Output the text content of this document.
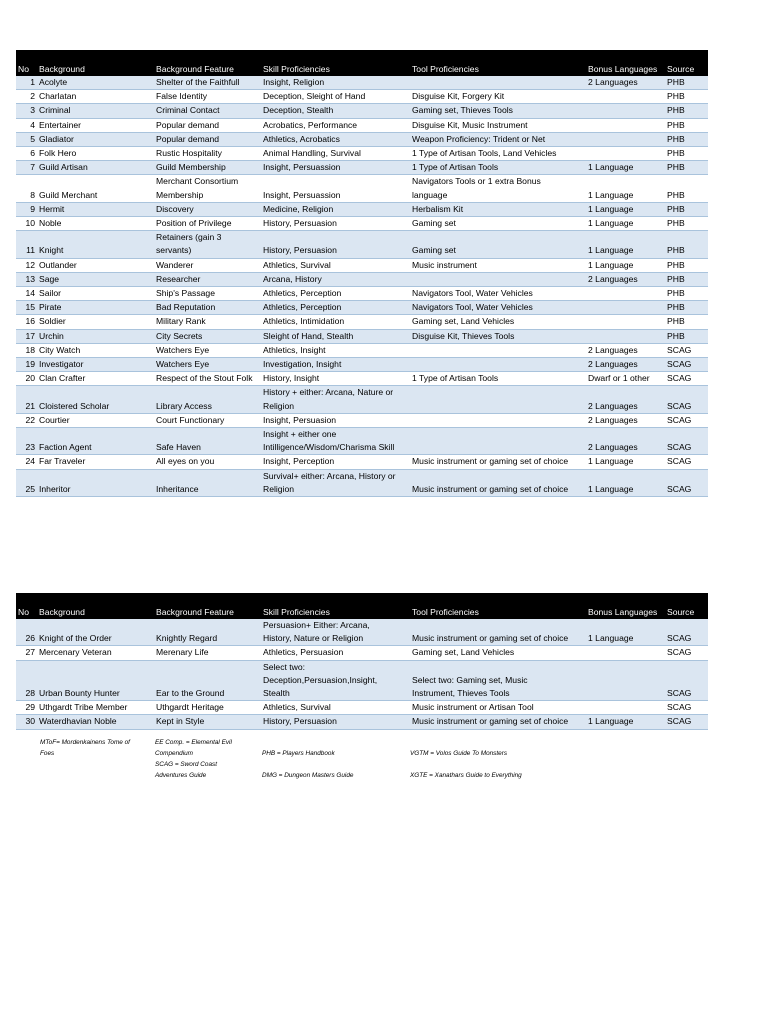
No	Background	Background Feature	Skill Proficiencies	Tool Proficiencies	Bonus Languages	Source
1	Acolyte	Shelter of the Faithfull	Insight, Religion		2 Languages	PHB
2	Charlatan	False Identity	Deception, Sleight of Hand	Disguise Kit, Forgery Kit		PHB
3	Criminal	Criminal Contact	Deception, Stealth	Gaming set, Thieves Tools		PHB
4	Entertainer	Popular demand	Acrobatics, Performance	Disguise Kit, Music Instrument		PHB
5	Gladiator	Popular demand	Athletics, Acrobatics	Weapon Proficiency: Trident or Net		PHB
6	Folk Hero	Rustic Hospitality	Animal Handling, Survival	1 Type of Artisan Tools, Land Vehicles		PHB
7	Guild Artisan	Guild Membership	Insight, Persuassion	1 Type of Artisan Tools	1 Language	PHB
8	Guild Merchant	Merchant Consortium
Membership	Insight, Persuassion	Navigators Tools or 1 extra Bonus
language	1 Language	PHB
9	Hermit	Discovery	Medicine, Religion	Herbalism Kit	1 Language	PHB
10	Noble	Position of Privilege	History, Persuasion	Gaming set	1 Language	PHB
11	Knight	Retainers (gain 3
servants)	History, Persuasion	Gaming set	1 Language	PHB
12	Outlander	Wanderer	Athletics, Survival	Music instrument	1 Language	PHB
13	Sage	Researcher	Arcana, History		2 Languages	PHB
14	Sailor	Ship's Passage	Athletics, Perception	Navigators Tool, Water Vehicles		PHB
15	Pirate	Bad Reputation	Athletics, Perception	Navigators Tool, Water Vehicles		PHB
16	Soldier	Military Rank	Athletics, Intimidation	Gaming set, Land Vehicles		PHB
17	Urchin	City Secrets	Sleight of Hand, Stealth	Disguise Kit, Thieves Tools		PHB
18	City Watch	Watchers Eye	Athletics, Insight		2 Languages	SCAG
19	Investigator	Watchers Eye	Investigation, Insight		2 Languages	SCAG
20	Clan Crafter	Respect of the Stout Folk	History, Insight	1 Type of Artisan Tools	Dwarf or 1 other	SCAG
21	Cloistered Scholar	Library Access	History + either: Arcana, Nature or
Religion		2 Languages	SCAG
22	Courtier	Court Functionary	Insight, Persuasion		2 Languages	SCAG
23	Faction Agent	Safe Haven	Insight + either one
Intilligence/Wisdom/Charisma Skill		2 Languages	SCAG
24	Far Traveler	All eyes on you	Insight, Perception	Music instrument or gaming set of choice	1 Language	SCAG
25	Inheritor	Inheritance	Survival+ either: Arcana, History or
Religion	Music instrument or gaming set of choice	1 Language	SCAG
No	Background	Background Feature	Skill Proficiencies	Tool Proficiencies	Bonus Languages	Source
26	Knight of the Order	Knightly Regard	Persuasion+ Either: Arcana,
History, Nature or Religion	Music instrument or gaming set of choice	1 Language	SCAG
27	Mercenary Veteran	Merenary Life	Athletics, Persuasion	Gaming set, Land Vehicles		SCAG
28	Urban Bounty Hunter	Ear to the Ground	Select two:
Deception,Persuasion,Insight,
Stealth	Select two: Gaming set, Music
Instrument, Thieves Tools		SCAG
29	Uthgardt Tribe Member	Uthgardt Heritage	Athletics, Survival	Music instrument or Artisan Tool		SCAG
30	Waterdhavian Noble	Kept in Style	History, Persuasion	Music instrument or gaming set of choice	1 Language	SCAG
MToF= Mordenkainens Tome of
Foes
EE Comp. = Elemental Evil
Compendium
SCAG = Sword Coast
Adventures Guide
PHB = Players Handbook
DMG = Dungeon Masters Guide
VGTM = Volos Guide To Monsters
XGTE = Xanathars Guide to Everything
